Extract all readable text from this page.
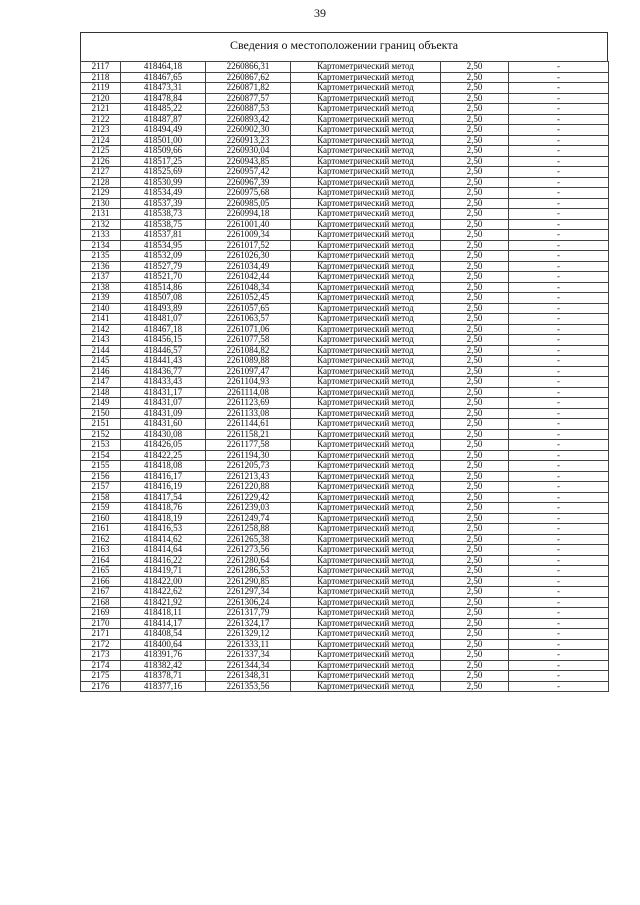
39
Сведения о местоположении границ объекта
2117	418464,18	2260866,31	Картометрический метод	2,50	-
2118	418467,65	2260867,62	Картометрический метод	2,50	-
2119	418473,31	2260871,82	Картометрический метод	2,50	-
2120	418478,84	2260877,57	Картометрический метод	2,50	-
2121	418485,22	2260887,53	Картометрический метод	2,50	-
2122	418487,87	2260893,42	Картометрический метод	2,50	-
2123	418494,49	2260902,30	Картометрический метод	2,50	-
2124	418501,00	2260913,23	Картометрический метод	2,50	-
2125	418509,66	2260930,04	Картометрический метод	2,50	-
2126	418517,25	2260943,85	Картометрический метод	2,50	-
2127	418525,69	2260957,42	Картометрический метод	2,50	-
2128	418530,99	2260967,39	Картометрический метод	2,50	-
2129	418534,49	2260975,68	Картометрический метод	2,50	-
2130	418537,39	2260985,05	Картометрический метод	2,50	-
2131	418538,73	2260994,18	Картометрический метод	2,50	-
2132	418538,75	2261001,40	Картометрический метод	2,50	-
2133	418537,81	2261009,34	Картометрический метод	2,50	-
2134	418534,95	2261017,52	Картометрический метод	2,50	-
2135	418532,09	2261026,30	Картометрический метод	2,50	-
2136	418527,79	2261034,49	Картометрический метод	2,50	-
2137	418521,70	2261042,44	Картометрический метод	2,50	-
2138	418514,86	2261048,34	Картометрический метод	2,50	-
2139	418507,08	2261052,45	Картометрический метод	2,50	-
2140	418493,89	2261057,65	Картометрический метод	2,50	-
2141	418481,07	2261063,57	Картометрический метод	2,50	-
2142	418467,18	2261071,06	Картометрический метод	2,50	-
2143	418456,15	2261077,58	Картометрический метод	2,50	-
2144	418446,57	2261084,82	Картометрический метод	2,50	-
2145	418441,43	2261089,88	Картометрический метод	2,50	-
2146	418436,77	2261097,47	Картометрический метод	2,50	-
2147	418433,43	2261104,93	Картометрический метод	2,50	-
2148	418431,17	2261114,08	Картометрический метод	2,50	-
2149	418431,07	2261123,69	Картометрический метод	2,50	-
2150	418431,09	2261133,08	Картометрический метод	2,50	-
2151	418431,60	2261144,61	Картометрический метод	2,50	-
2152	418430,08	2261158,21	Картометрический метод	2,50	-
2153	418426,05	2261177,58	Картометрический метод	2,50	-
2154	418422,25	2261194,30	Картометрический метод	2,50	-
2155	418418,08	2261205,73	Картометрический метод	2,50	-
2156	418416,17	2261213,43	Картометрический метод	2,50	-
2157	418416,19	2261220,88	Картометрический метод	2,50	-
2158	418417,54	2261229,42	Картометрический метод	2,50	-
2159	418418,76	2261239,03	Картометрический метод	2,50	-
2160	418418,19	2261249,74	Картометрический метод	2,50	-
2161	418416,53	2261258,88	Картометрический метод	2,50	-
2162	418414,62	2261265,38	Картометрический метод	2,50	-
2163	418414,64	2261273,56	Картометрический метод	2,50	-
2164	418416,22	2261280,64	Картометрический метод	2,50	-
2165	418419,71	2261286,53	Картометрический метод	2,50	-
2166	418422,00	2261290,85	Картометрический метод	2,50	-
2167	418422,62	2261297,34	Картометрический метод	2,50	-
2168	418421,92	2261306,24	Картометрический метод	2,50	-
2169	418418,11	2261317,79	Картометрический метод	2,50	-
2170	418414,17	2261324,17	Картометрический метод	2,50	-
2171	418408,54	2261329,12	Картометрический метод	2,50	-
2172	418400,64	2261333,11	Картометрический метод	2,50	-
2173	418391,76	2261337,34	Картометрический метод	2,50	-
2174	418382,42	2261344,34	Картометрический метод	2,50	-
2175	418378,71	2261348,31	Картометрический метод	2,50	-
2176	418377,16	2261353,56	Картометрический метод	2,50	-
